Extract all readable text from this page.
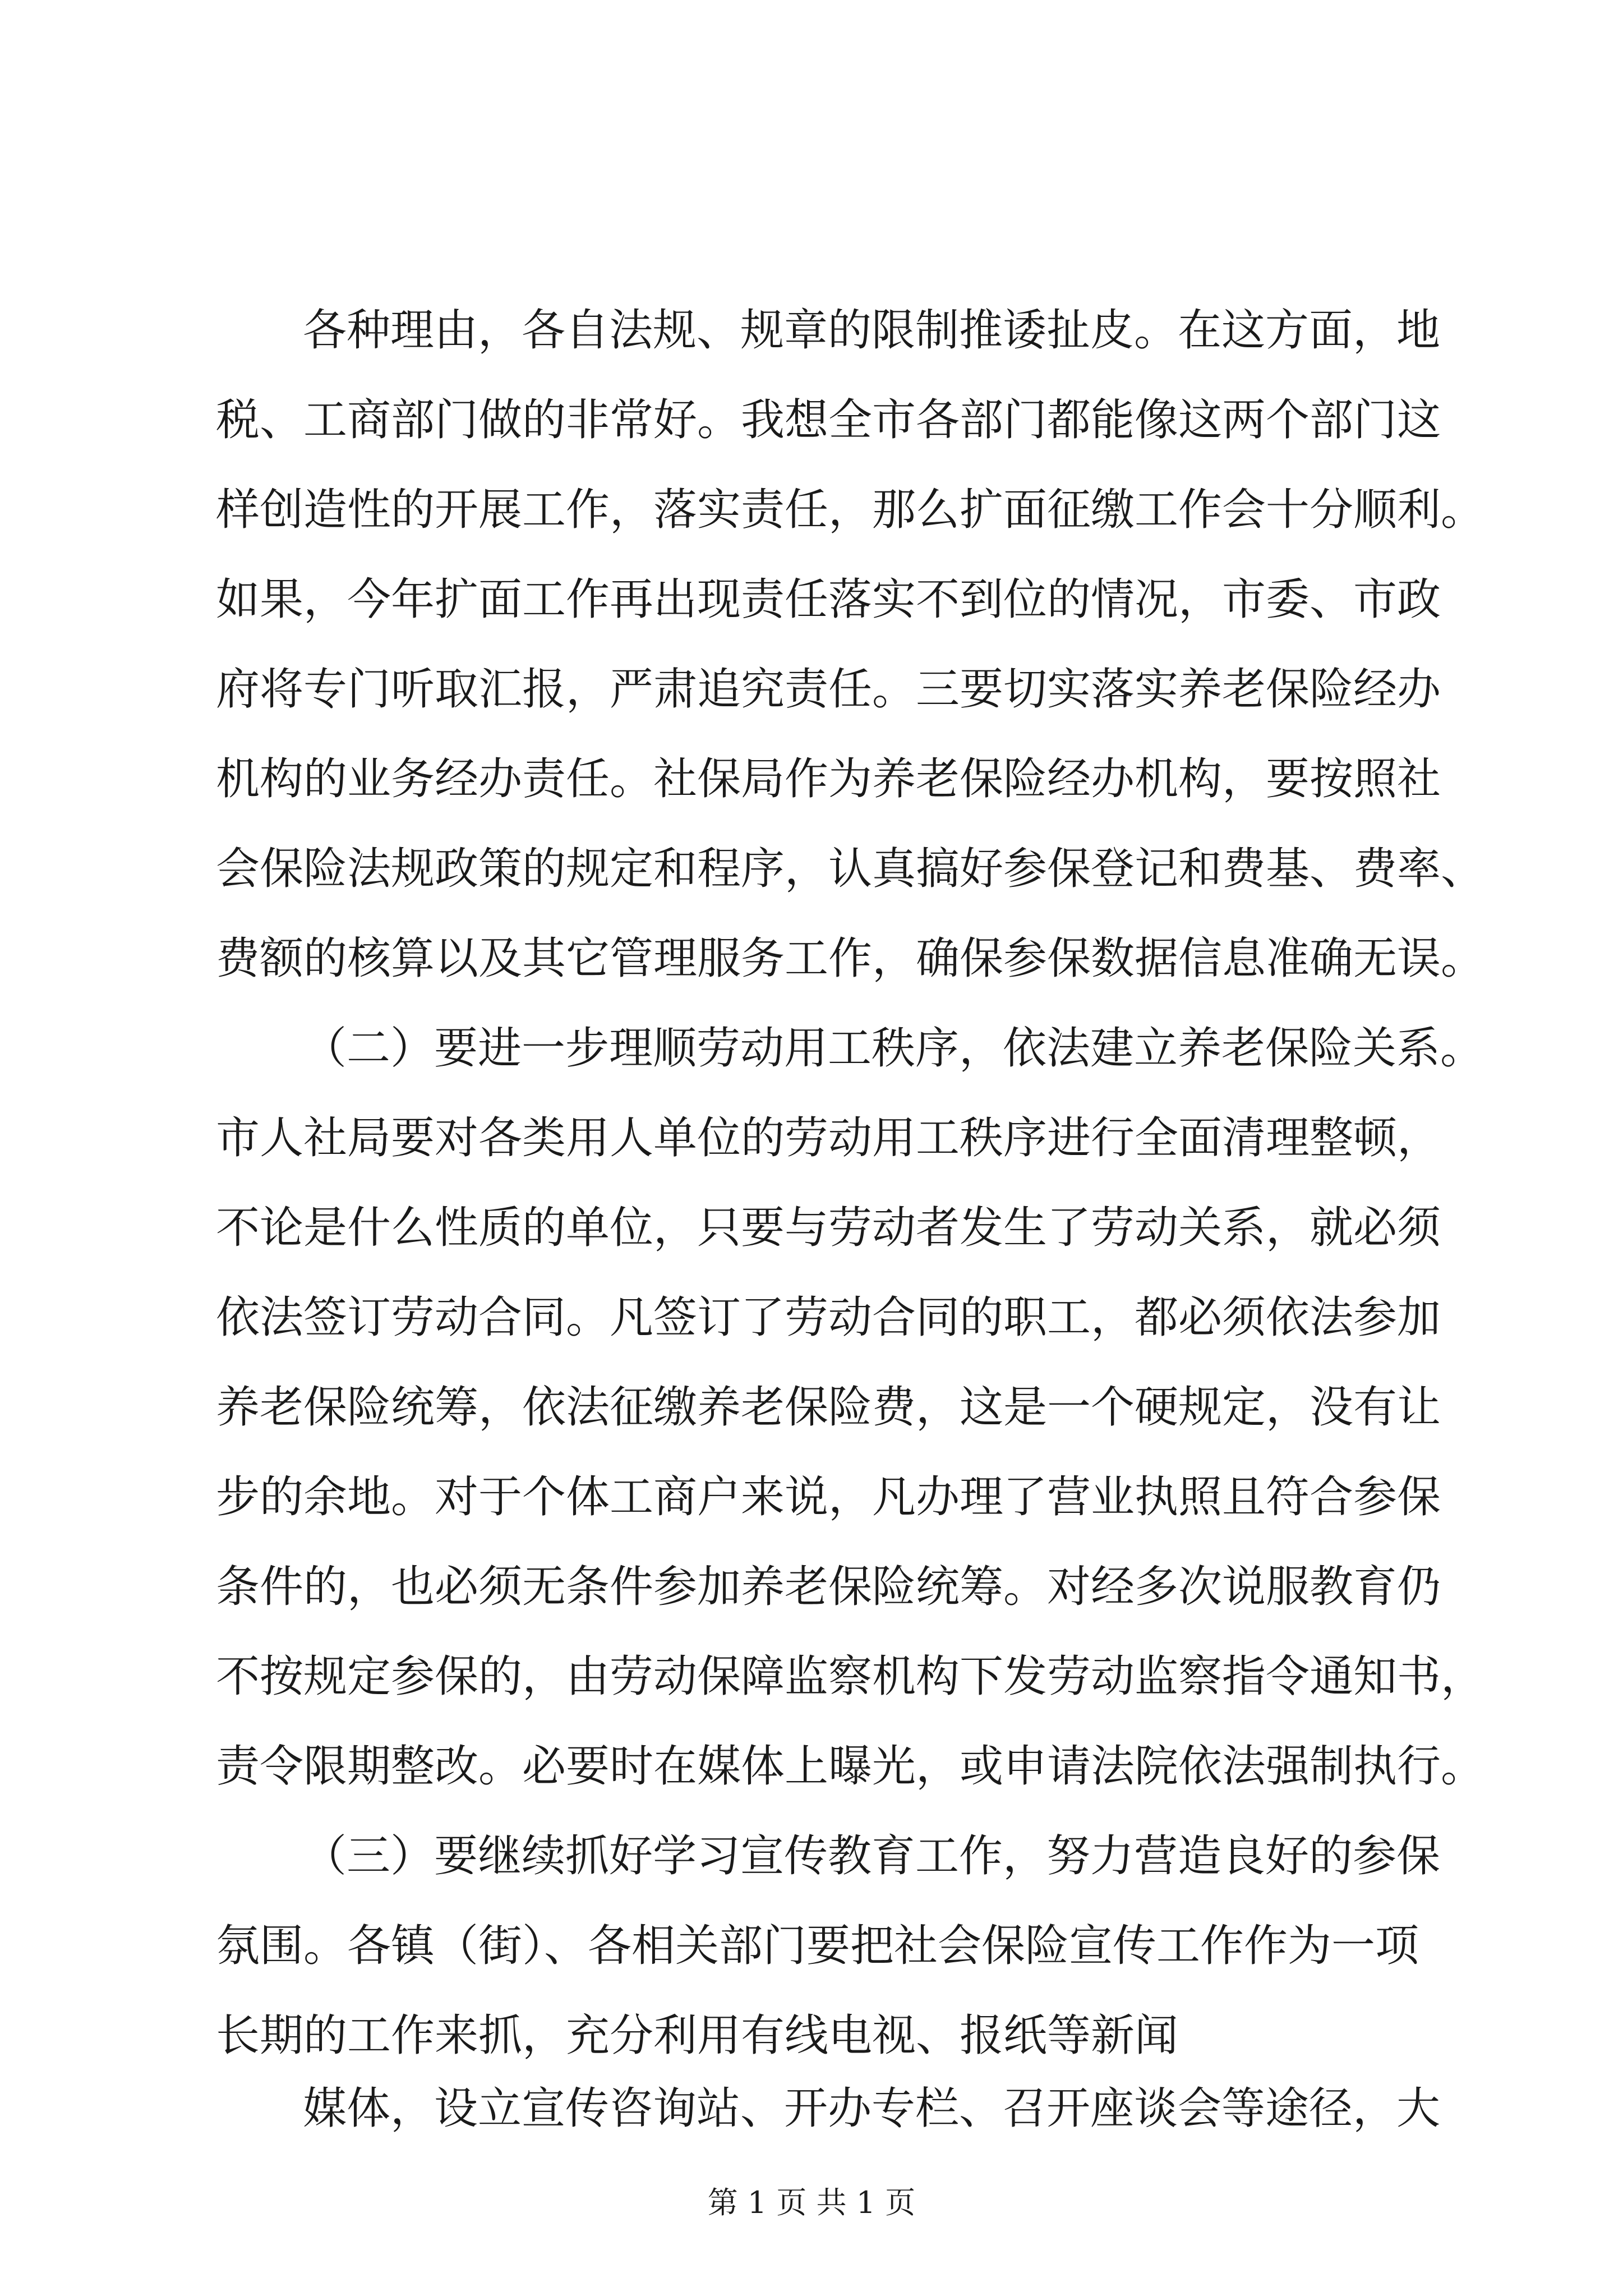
各种理由，各自法规、规章的限制推诿扯皮。在这方面，地

税、工商部门做的非常好。我想全市各部门都能像这两个部门这

样创造性的开展工作，落实责任，那么扩面征缴工作会十分顺利。

如果，今年扩面工作再出现责任落实不到位的情况，市委、市政

府将专门听取汇报，严肃追究责任。三要切实落实养老保险经办

机构的业务经办责任。社保局作为养老保险经办机构，要按照社

会保险法规政策的规定和程序，认真搞好参保登记和费基、费率、

费额的核算以及其它管理服务工作，确保参保数据信息准确无误。

（二）要进一步理顺劳动用工秩序，依法建立养老保险关系。

市人社局要对各类用人单位的劳动用工秩序进行全面清理整顿，

不论是什么性质的单位，只要与劳动者发生了劳动关系，就必须

依法签订劳动合同。凡签订了劳动合同的职工，都必须依法参加

养老保险统筹，依法征缴养老保险费，这是一个硬规定，没有让

步的余地。对于个体工商户来说，凡办理了营业执照且符合参保

条件的，也必须无条件参加养老保险统筹。对经多次说服教育仍

不按规定参保的，由劳动保障监察机构下发劳动监察指令通知书，

责令限期整改。必要时在媒体上曝光，或申请法院依法强制执行。

（三）要继续抓好学习宣传教育工作，努力营造良好的参保

氛围。各镇（街）、各相关部门要把社会保险宣传工作作为一项

长期的工作来抓，充分利用有线电视、报纸等新闻

媒体，设立宣传咨询站、开办专栏、召开座谈会等途径，大

第 1 页 共 1 页
